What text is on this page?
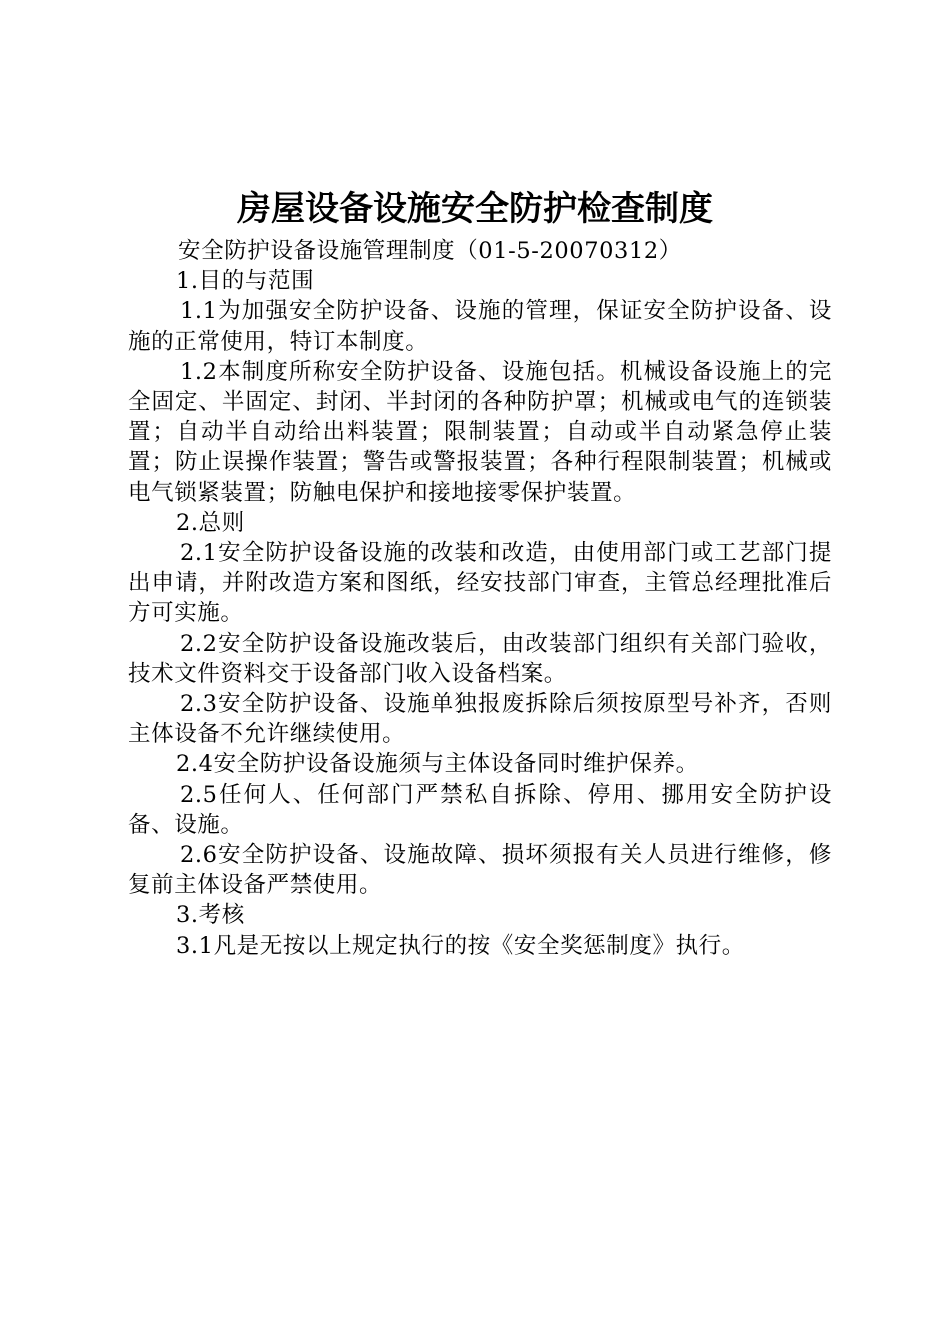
房屋设备设施安全防护检查制度

安全防护设备设施管理制度（01-5-20070312）

1.目的与范围

1.1为加强安全防护设备、设施的管理，保证安全防护设备、设施的正常使用，特订本制度。

1.2本制度所称安全防护设备、设施包括。机械设备设施上的完全固定、半固定、封闭、半封闭的各种防护罩；机械或电气的连锁装置；自动半自动给出料装置；限制装置；自动或半自动紧急停止装置；防止误操作装置；警告或警报装置；各种行程限制装置；机械或电气锁紧装置；防触电保护和接地接零保护装置。

2.总则

2.1安全防护设备设施的改装和改造，由使用部门或工艺部门提出申请，并附改造方案和图纸，经安技部门审查，主管总经理批准后方可实施。

2.2安全防护设备设施改装后，由改装部门组织有关部门验收，技术文件资料交于设备部门收入设备档案。

2.3安全防护设备、设施单独报废拆除后须按原型号补齐，否则主体设备不允许继续使用。

2.4安全防护设备设施须与主体设备同时维护保养。

2.5任何人、任何部门严禁私自拆除、停用、挪用安全防护设备、设施。

2.6安全防护设备、设施故障、损坏须报有关人员进行维修，修复前主体设备严禁使用。

3.考核

3.1凡是无按以上规定执行的按《安全奖惩制度》执行。
